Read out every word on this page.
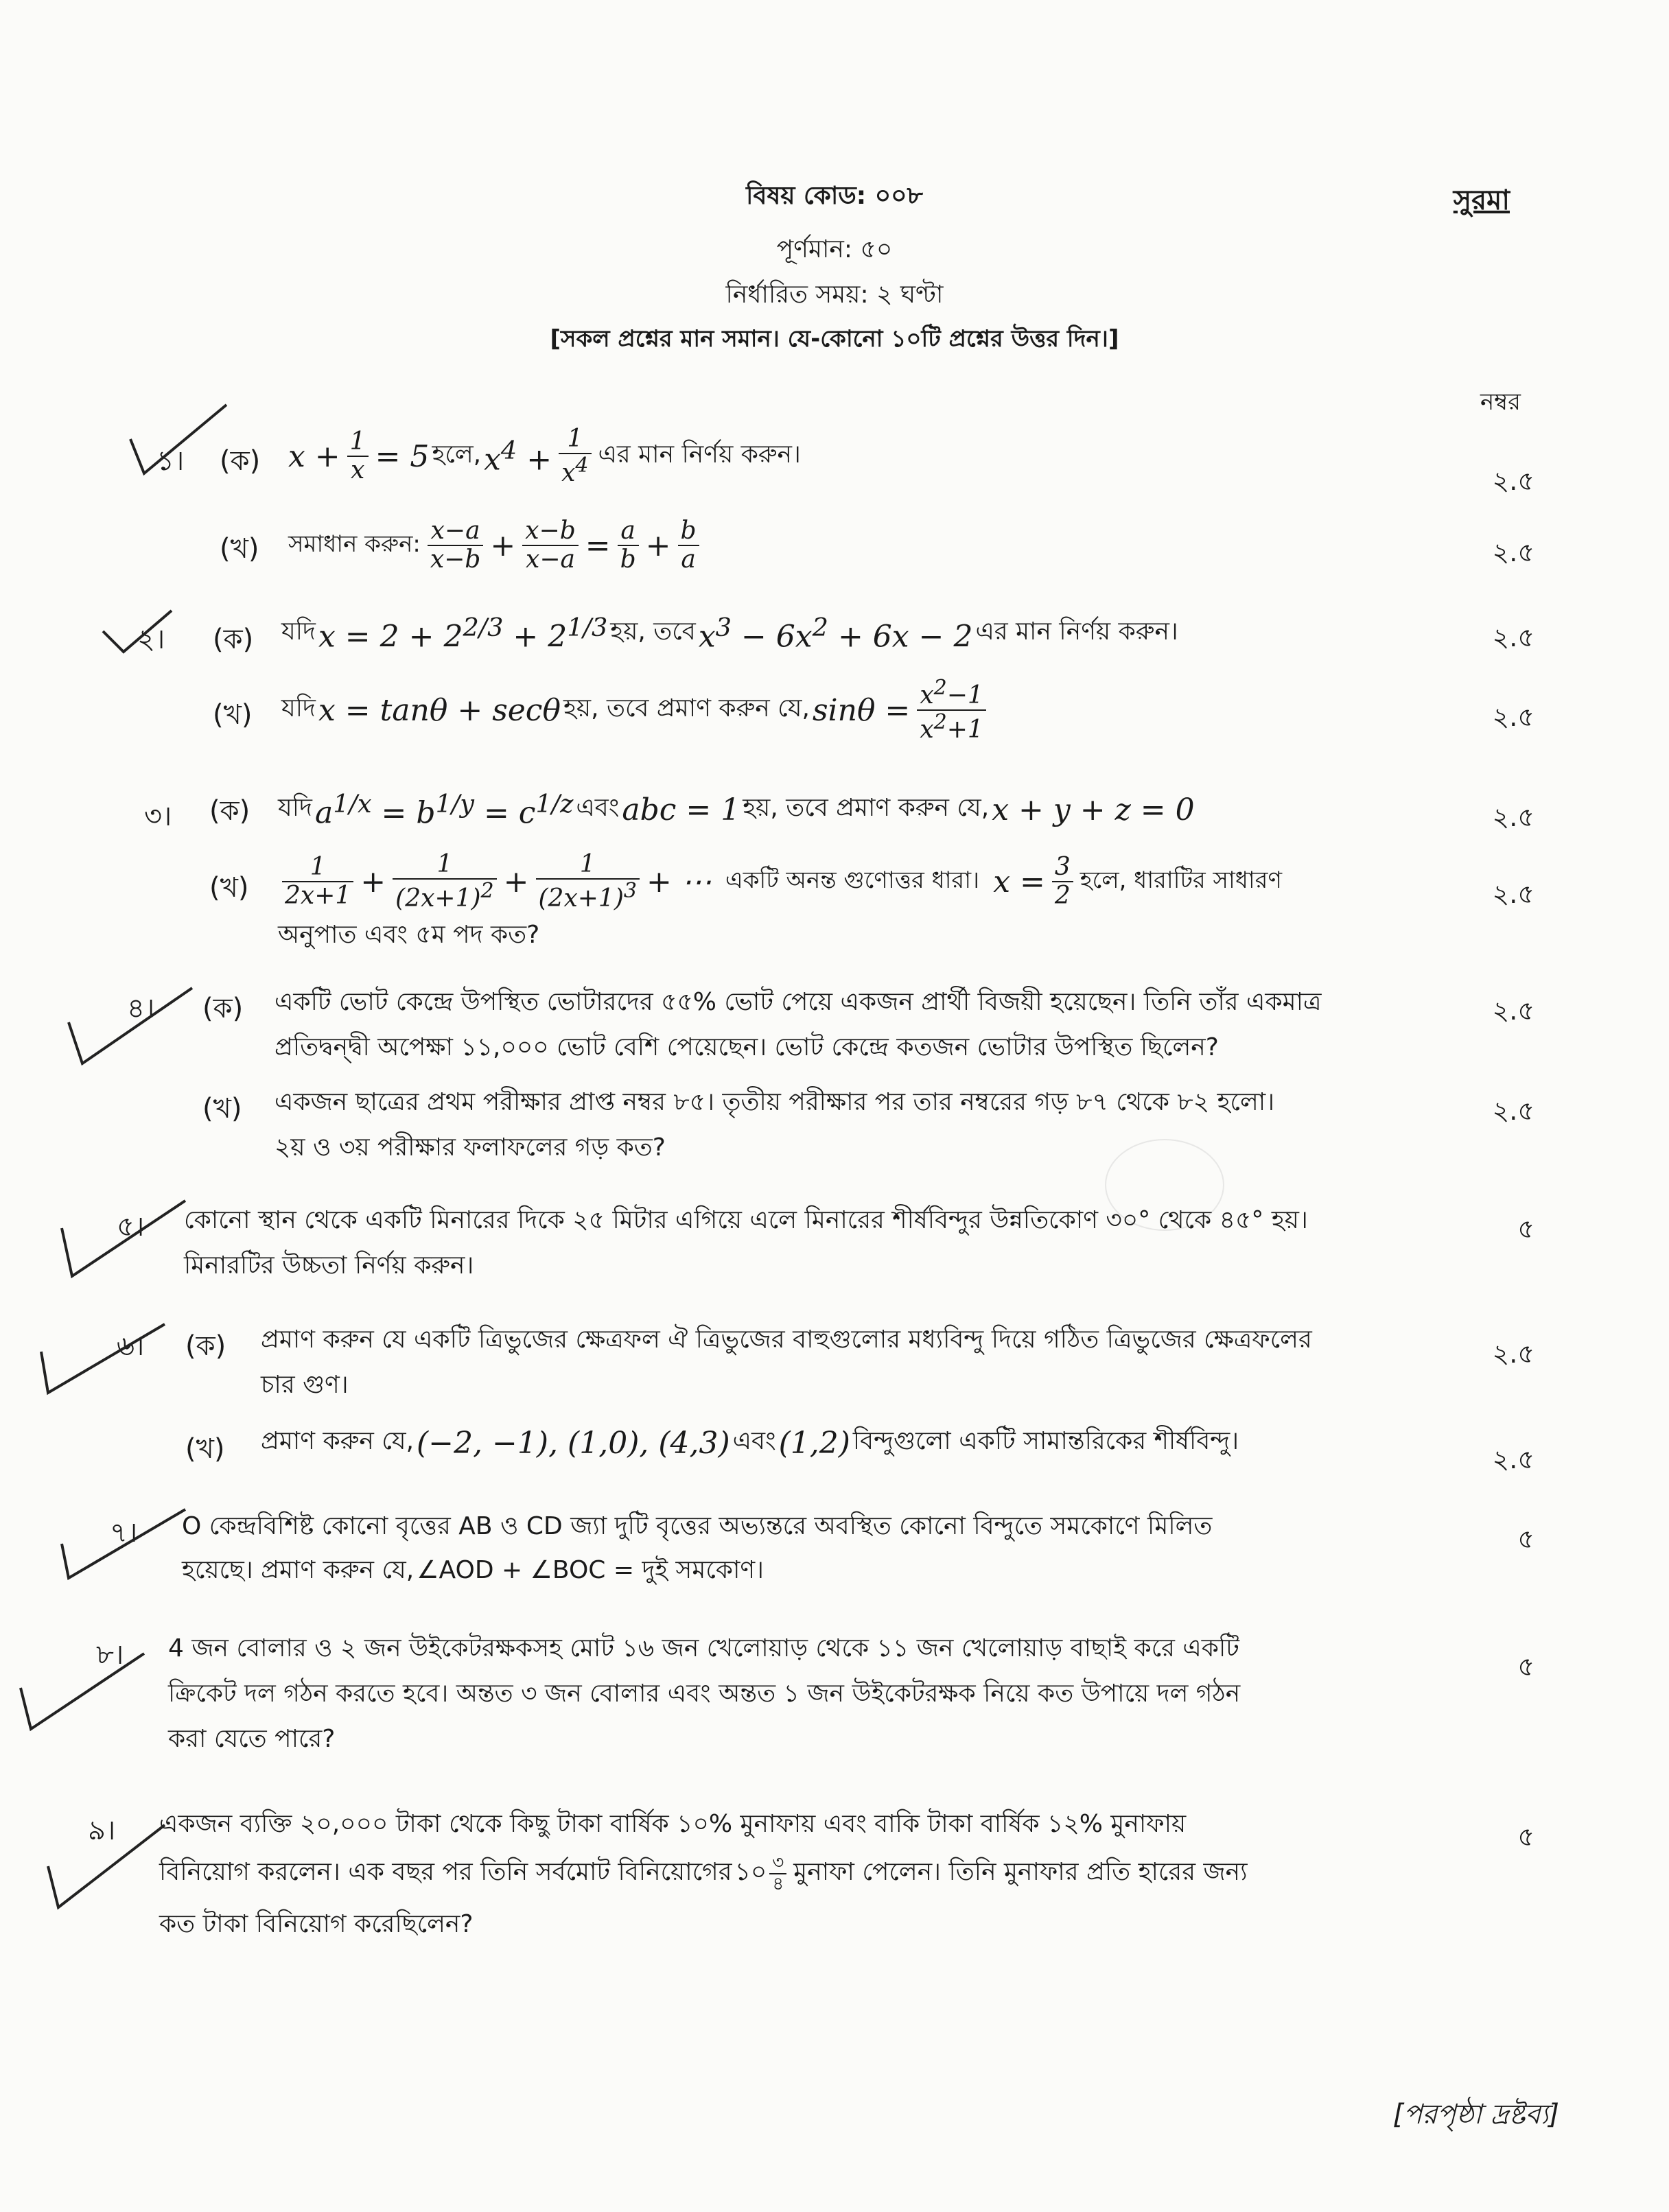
বিষয় কোড: ০০৮	সুরমা
পূর্ণমান: ৫০
নির্ধারিত সময়: ২ ঘণ্টা
[সকল প্রশ্নের মান সমান। যে-কোনো ১০টি প্রশ্নের উত্তর দিন।]
নম্বর
১। (ক) $x + \frac{1}{x} = 5$ হলে, $x^4 + \frac{1}{x^4}$ এর মান নির্ণয় করুন।
২.৫
(খ) সমাধান করুন: $\frac{x-a}{x-b} + \frac{x-b}{x-a} = \frac{a}{b} + \frac{b}{a}$	২.৫
২। (ক) যদি $x = 2 + 2^{2/3} + 2^{1/3}$ হয়, তবে $x^3 - 6x^2 + 6x - 2$ এর মান নির্ণয় করুন।	২.৫
(খ) যদি x = tanθ + secθ হয়, তবে প্রমাণ করুন যে, $\sin\theta = \frac{x^2-1}{x^2+1}$	২.৫
৩। (ক) যদি $a^{1/x} = b^{1/y} = c^{1/z}$ এবং abc = 1 হয়, তবে প্রমাণ করুন যে, x + y + z = 0	২.৫
(খ) $\frac{1}{2x+1} + \frac{1}{(2x+1)^2} + \frac{1}{(2x+1)^3}$ + ⋯ একটি অনন্ত গুণোত্তর ধারা। $x = \frac{3}{2}$ হলে, ধারাটির সাধারণ	২.৫
অনুপাত এবং ৫ম পদ কত?
৪। (ক) একটি ভোট কেন্দ্রে উপস্থিত ভোটারদের ৫৫% ভোট পেয়ে একজন প্রার্থী বিজয়ী হয়েছেন। তিনি তাঁর একমাত্র
প্রতিদ্বন্দ্বী অপেক্ষা ১১,০০০ ভোট বেশি পেয়েছেন। ভোট কেন্দ্রে কতজন ভোটার উপস্থিত ছিলেন?
২.৫
(খ) একজন ছাত্রের প্রথম পরীক্ষার প্রাপ্ত নম্বর ৮৫। তৃতীয় পরীক্ষার পর তার নম্বরের গড় ৮৭ থেকে ৮২ হলো।
২য় ও ৩য় পরীক্ষার ফলাফলের গড় কত?
২.৫
৫। কোনো স্থান থেকে একটি মিনারের দিকে ২৫ মিটার এগিয়ে এলে মিনারের শীর্ষবিন্দুর উন্নতিকোণ ৩০° থেকে ৪৫° হয়।
মিনারটির উচ্চতা নির্ণয় করুন।
৫
৬। (ক) প্রমাণ করুন যে একটি ত্রিভুজের ক্ষেত্রফল ঐ ত্রিভুজের বাহুগুলোর মধ্যবিন্দু দিয়ে গঠিত ত্রিভুজের ক্ষেত্রফলের
চার গুণ।
২.৫
(খ) প্রমাণ করুন যে, (−2, −1), (1,0), (4,3) এবং (1,2) বিন্দুগুলো একটি সামান্তরিকের শীর্ষবিন্দু।
২.৫
৭। O কেন্দ্রবিশিষ্ট কোনো বৃত্তের AB ও CD জ্যা দুটি বৃত্তের অভ্যন্তরে অবস্থিত কোনো বিন্দুতে সমকোণে মিলিত
হয়েছে। প্রমাণ করুন যে, ∠AOD + ∠BOC = দুই সমকোণ।
৫
৮। 4 জন বোলার ও ২ জন উইকেটরক্ষকসহ মোট ১৬ জন খেলোয়াড় থেকে ১১ জন খেলোয়াড় বাছাই করে একটি
ক্রিকেট দল গঠন করতে হবে। অন্তত ৩ জন বোলার এবং অন্তত ১ জন উইকেটরক্ষক নিয়ে কত উপায়ে দল গঠন
করা যেতে পারে?
৫
৯। একজন ব্যক্তি ২০,০০০ টাকা থেকে কিছু টাকা বার্ষিক ১০% মুনাফায় এবং বাকি টাকা বার্ষিক ১২% মুনাফায়
বিনিয়োগ করলেন। এক বছর পর তিনি সর্বমোট বিনিয়োগের ১০ $\frac{৩}{৪}$ মুনাফা পেলেন। তিনি মুনাফার প্রতি হারের জন্য
কত টাকা বিনিয়োগ করেছিলেন?
৫
[পরপৃষ্ঠা দ্রষ্টব্য]
